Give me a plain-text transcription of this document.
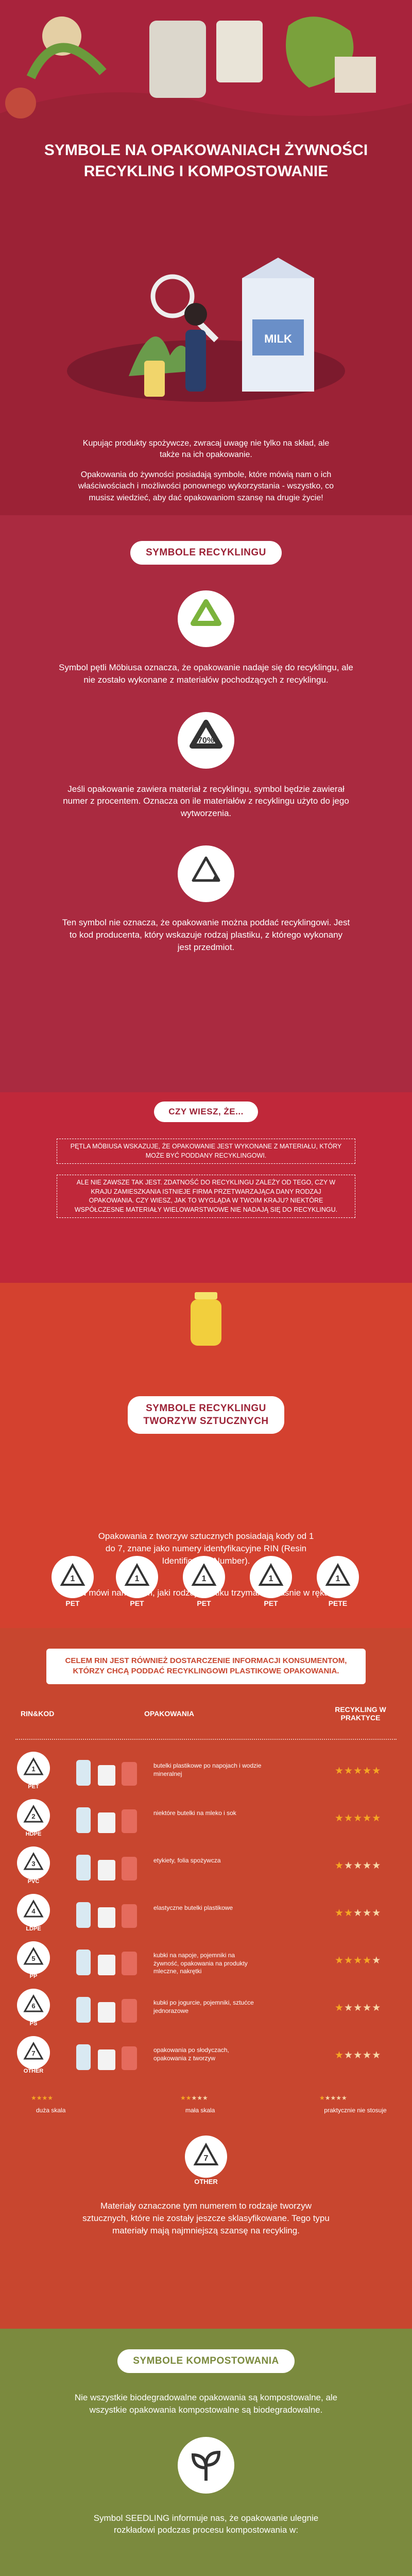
MILK
SYMBOLE NA OPAKOWANIACH ŻYWNOŚCI
RECYKLING I KOMPOSTOWANIE

Kupując produkty spożywcze, zwracaj uwagę nie tylko na skład, ale także na ich opakowanie.

Opakowania do żywności posiadają symbole, które mówią nam o ich właściwościach i możliwości ponownego wykorzystania - wszystko, co musisz wiedzieć, aby dać opakowaniom szansę na drugie życie!

SYMBOLE RECYKLINGU

Symbol pętli Möbiusa oznacza, że opakowanie nadaje się do recyklingu, ale nie zostało wykonane z materiałów pochodzących z recyklingu.

70%

Jeśli opakowanie zawiera materiał z recyklingu, symbol będzie zawierał numer z procentem. Oznacza on ile materiałów z recyklingu użyto do jego wytworzenia.

Ten symbol nie oznacza, że opakowanie można poddać recyklingowi. Jest to kod producenta, który wskazuje rodzaj plastiku, z którego wykonany jest przedmiot.

CZY WIESZ, ŻE...
PĘTLA MÖBIUSA WSKAZUJE, ŻE OPAKOWANIE JEST WYKONANE Z MATERIAŁU, KTÓRY MOŻE BYĆ PODDANY RECYKLINGOWI.
ALE NIE ZAWSZE TAK JEST. ZDATNOŚĆ DO RECYKLINGU ZALEŻY OD TEGO, CZY W KRAJU ZAMIESZKANIA ISTNIEJE FIRMA PRZETWARZAJĄCA DANY RODZAJ OPAKOWANIA. CZY WIESZ, JAK TO WYGLĄDA W TWOIM KRAJU? NIEKTÓRE WSPÓŁCZESNE MATERIAŁY WIELOWARSTWOWE NIE NADAJĄ SIĘ DO RECYKLINGU.
SYMBOLE RECYKLINGU
TWORZYW SZTUCZNYCH
1
PET
1
PET
1
PET
1
PET
1
PETE

Opakowania z tworzyw sztucznych posiadają kody od 1 do 7, znane jako numery identyfikacyjne RIN (Resin Identification Number).

RIN mówi nam o tym, jaki rodzaj plastiku trzymamy właśnie w rękach.

CELEM RIN JEST RÓWNIEŻ DOSTARCZENIE INFORMACJI KONSUMENTOM, KTÓRZY CHCĄ PODDAĆ RECYKLINGOWI PLASTIKOWE OPAKOWANIA.
RIN&KOD	OPAKOWANIA	RECYKLING W PRAKTYCE
1
PET
butelki plastikowe po napojach i wodzie mineralnej	★★★★★
2
HDPE
niektóre butelki na mleko i sok	★★★★★
3
PVC
etykiety, folia spożywcza	★★★★★
4
LDPE
elastyczne butelki plastikowe	★★★★★
5
PP
kubki na napoje, pojemniki na żywność, opakowania na produkty mleczne, nakrętki
★★★★★
6
PS
kubki po jogurcie, pojemniki, sztućce jednorazowe	★★★★★
7
OTHER
opakowania po słodyczach, opakowania z tworzyw	★★★★★
★★★★
duża skala
★★★★★
mała skala
★★★★★
praktycznie nie stosuje
7
OTHER

Materiały oznaczone tym numerem to rodzaje tworzyw sztucznych, które nie zostały jeszcze sklasyfikowane. Tego typu materiały mają najmniejszą szansę na recykling.

SYMBOLE KOMPOSTOWANIA

Nie wszystkie biodegradowalne opakowania są kompostowalne, ale wszystkie opakowania kompostowalne są biodegradowalne.

Symbol SEEDLING informuje nas, że opakowanie ulegnie rozkładowi podczas procesu kompostowania w:
